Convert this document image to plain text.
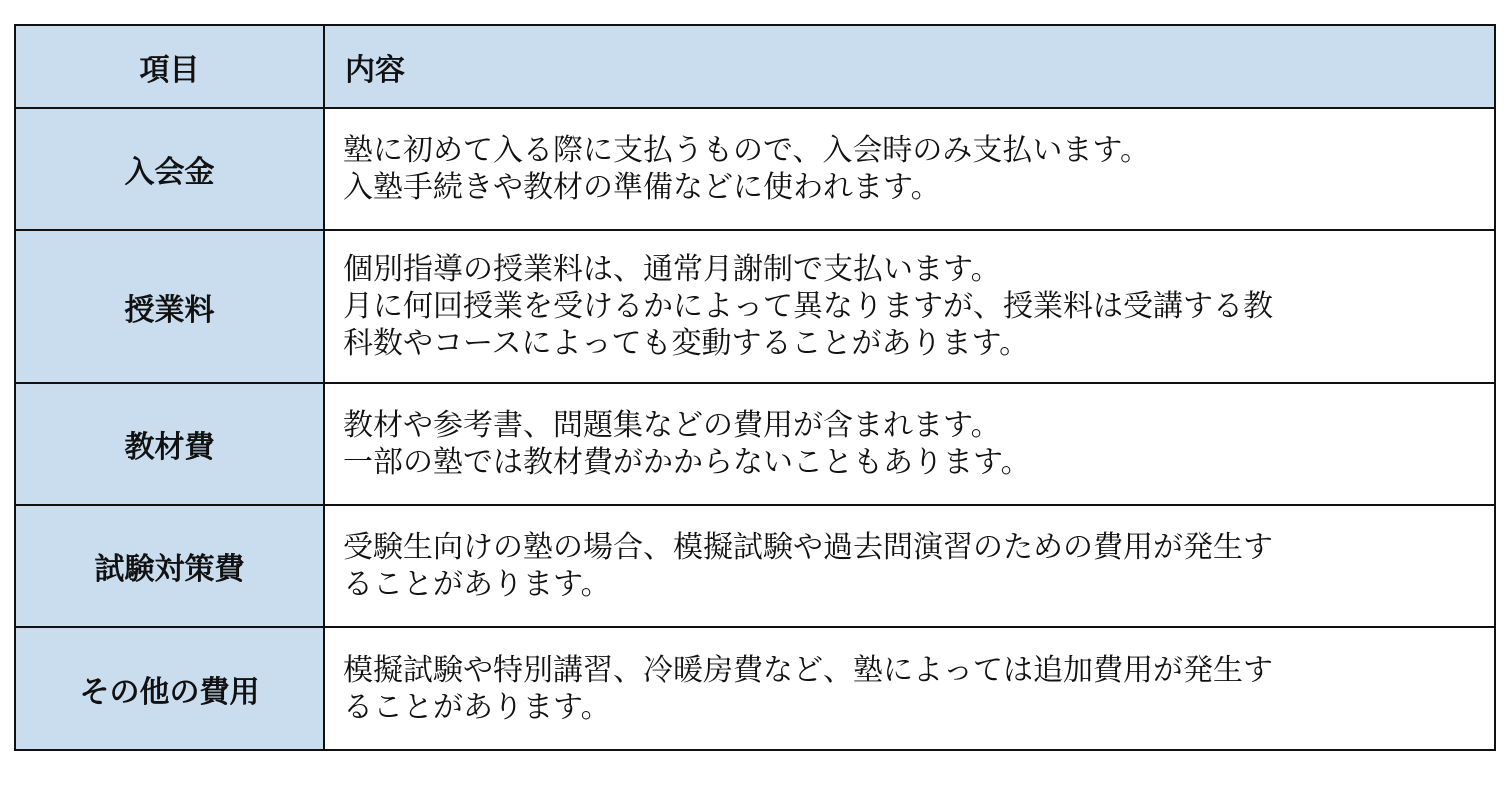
項目	内容
入会金	塾に初めて入る際に支払うもので、入会時のみ支払います。
入塾手続きや教材の準備などに使われます。

授業料	個別指導の授業料は、通常月謝制で支払います。
月に何回授業を受けるかによって異なりますが、授業料は受講する教
科数やコースによっても変動することがあります。

教材費	教材や参考書、問題集などの費用が含まれます。
一部の塾では教材費がかからないこともあります。

試験対策費	受験生向けの塾の場合、模擬試験や過去問演習のための費用が発生す
ることがあります。

その他の費用	模擬試験や特別講習、冷暖房費など、塾によっては追加費用が発生す
ることがあります。
